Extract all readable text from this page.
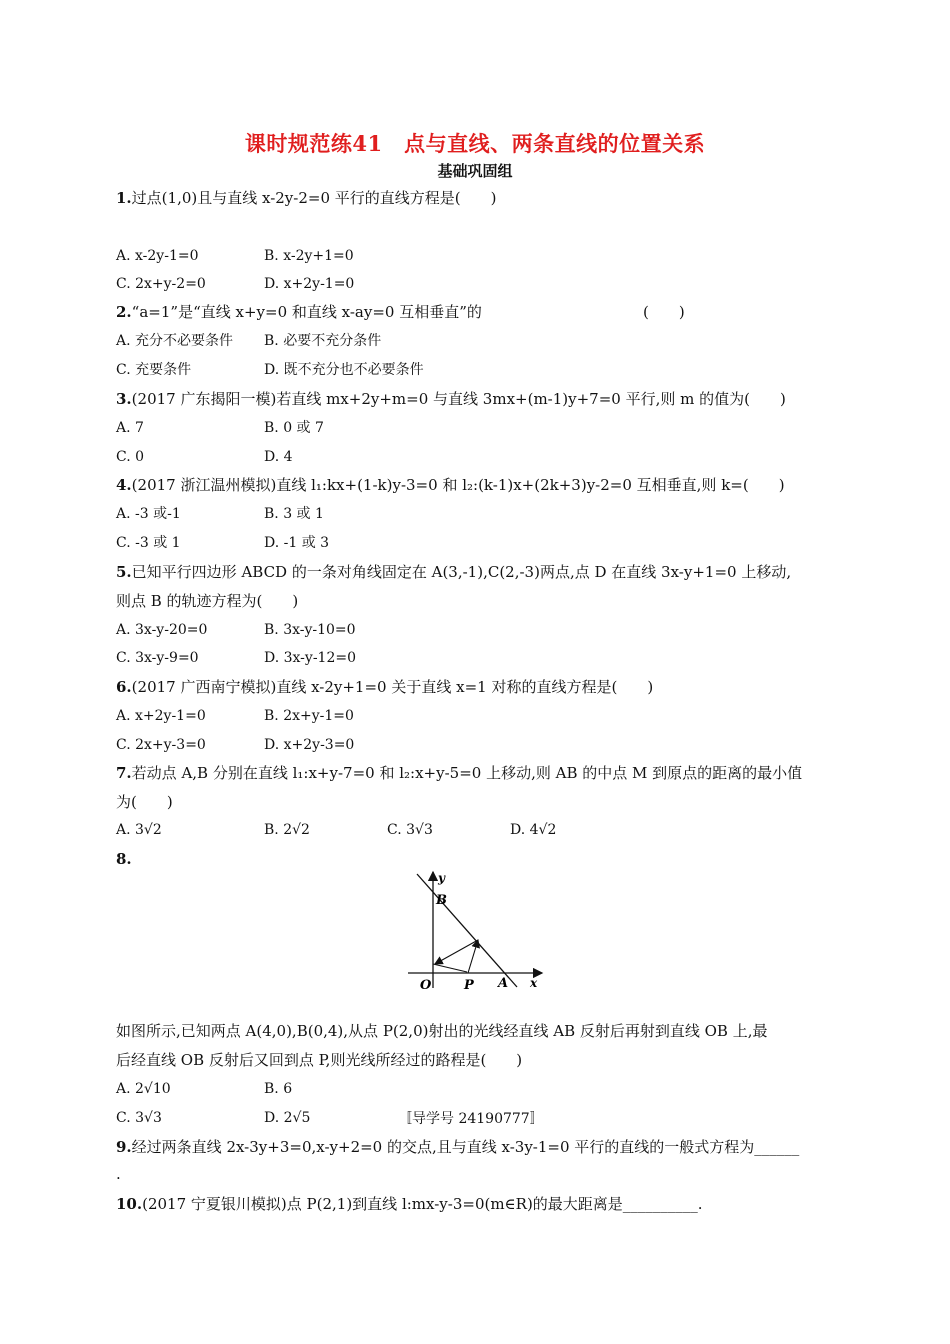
课时规范练41　点与直线、两条直线的位置关系
基础巩固组
1.过点(1,0)且与直线 x-2y-2=0 平行的直线方程是(　　)
A. x-2y-1=0	B. x-2y+1=0
C. 2x+y-2=0	D. x+2y-1=0
2.“a=1”是“直线 x+y=0 和直线 x-ay=0 互相垂直”的	(　　)
A. 充分不必要条件 B. 必要不充分条件
C. 充要条件	D. 既不充分也不必要条件
3.(2017 广东揭阳一模)若直线 mx+2y+m=0 与直线 3mx+(m-1)y+7=0 平行,则 m 的值为(　　)
A. 7	B. 0 或 7
C. 0	D. 4
4.(2017 浙江温州模拟)直线 l₁:kx+(1-k)y-3=0 和 l₂:(k-1)x+(2k+3)y-2=0 互相垂直,则 k=(　　)
A. -3 或-1	B. 3 或 1
C. -3 或 1	D. -1 或 3
5.已知平行四边形 ABCD 的一条对角线固定在 A(3,-1),C(2,-3)两点,点 D 在直线 3x-y+1=0 上移动,
则点 B 的轨迹方程为(　　)
A. 3x-y-20=0	B. 3x-y-10=0
C. 3x-y-9=0	D. 3x-y-12=0
6.(2017 广西南宁模拟)直线 x-2y+1=0 关于直线 x=1 对称的直线方程是(　　)
A. x+2y-1=0	B. 2x+y-1=0
C. 2x+y-3=0	D. x+2y-3=0
7.若动点 A,B 分别在直线 l₁:x+y-7=0 和 l₂:x+y-5=0 上移动,则 AB 的中点 M 到原点的距离的最小值
为(　　)
A. 3√2	B. 2√2	C. 3√3	D. 4√2
8.
y
B
O	P A x
如图所示,已知两点 A(4,0),B(0,4),从点 P(2,0)射出的光线经直线 AB 反射后再射到直线 OB 上,最
后经直线 OB 反射后又回到点 P,则光线所经过的路程是(　　)
A. 2√10	B. 6
C. 3√3	D. 2√5	〚导学号 24190777〛
9.经过两条直线 2x-3y+3=0,x-y+2=0 的交点,且与直线 x-3y-1=0 平行的直线的一般式方程为______
.
10.(2017 宁夏银川模拟)点 P(2,1)到直线 l:mx-y-3=0(m∈R)的最大距离是__________.
